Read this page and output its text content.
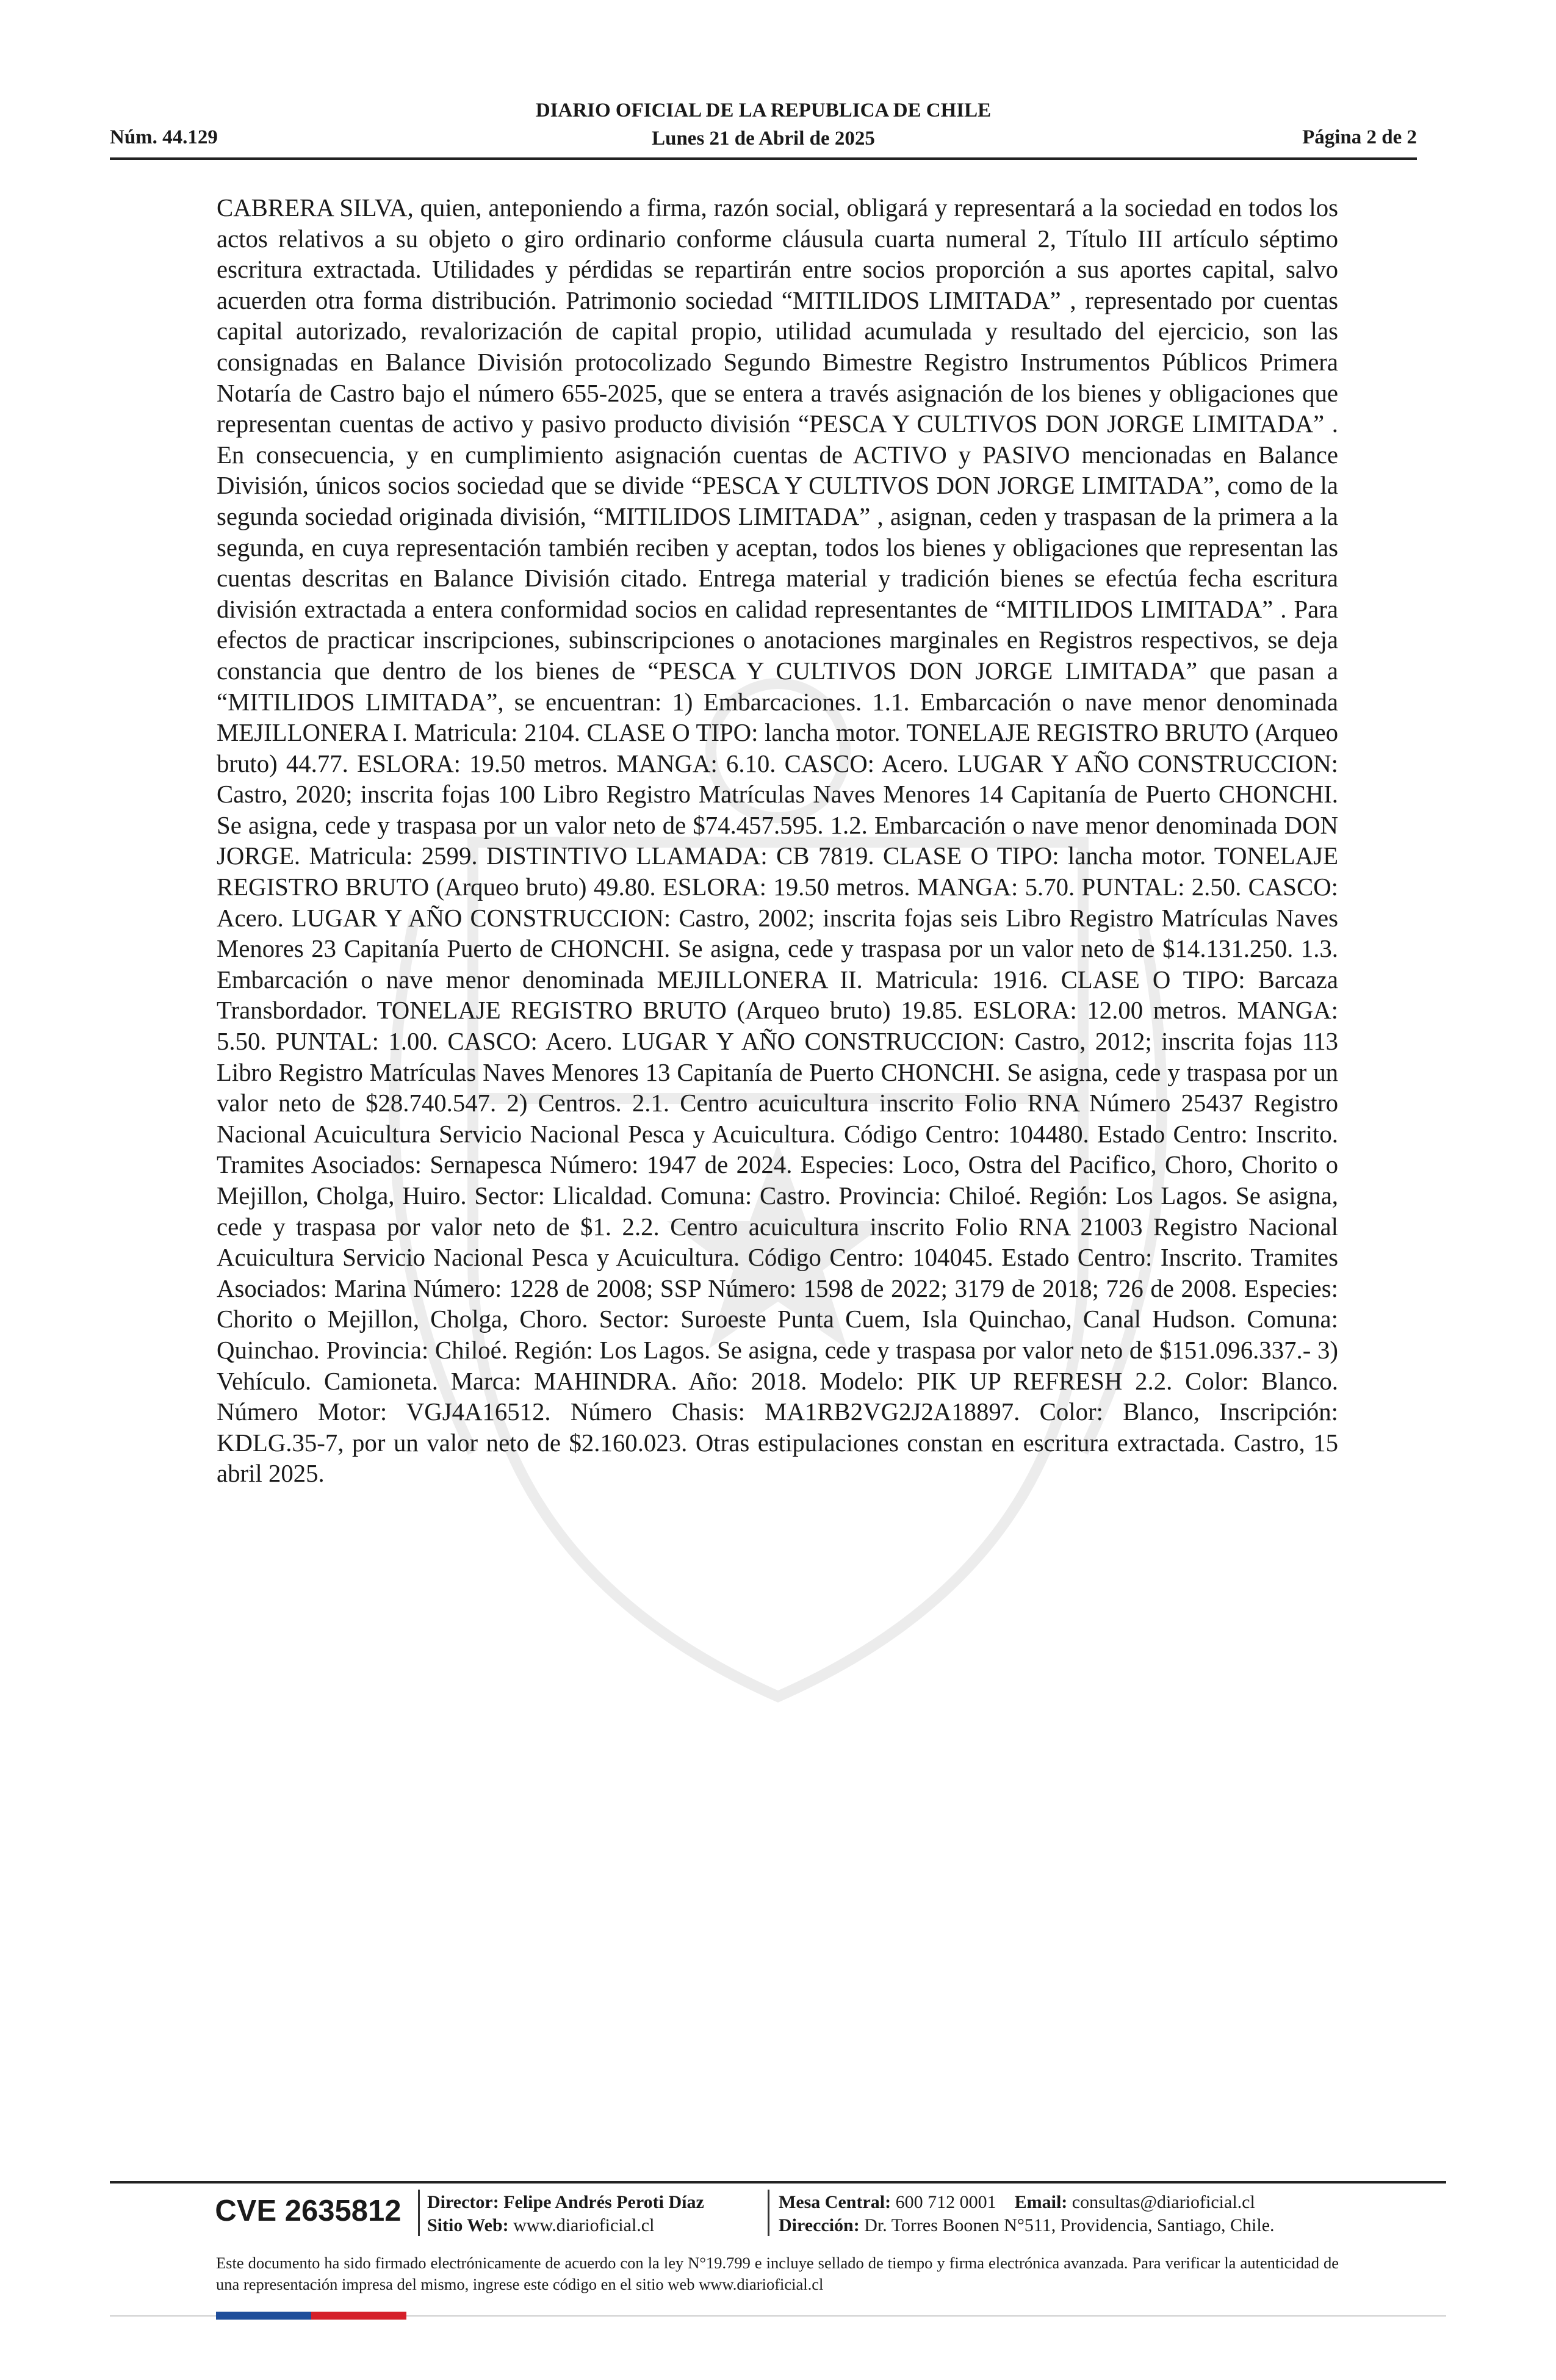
Núm. 44.129
DIARIO OFICIAL DE LA REPUBLICA DE CHILE
Lunes 21 de Abril de 2025	Página 2 de 2

CABRERA SILVA, quien, anteponiendo a firma, razón social, obligará y representará a la sociedad en todos los actos relativos a su objeto o giro ordinario conforme cláusula cuarta numeral 2, Título III artículo séptimo escritura extractada. Utilidades y pérdidas se repartirán entre socios proporción a sus aportes capital, salvo acuerden otra forma distribución. Patrimonio sociedad “MITILIDOS LIMITADA” , representado por cuentas capital autorizado, revalorización de capital propio, utilidad acumulada y resultado del ejercicio, son las consignadas en Balance División protocolizado Segundo Bimestre Registro Instrumentos Públicos Primera Notaría de Castro bajo el número 655-2025, que se entera a través asignación de los bienes y obligaciones que representan cuentas de activo y pasivo producto división “PESCA Y CULTIVOS DON JORGE LIMITADA” . En consecuencia, y en cumplimiento asignación cuentas de ACTIVO y PASIVO mencionadas en Balance División, únicos socios sociedad que se divide “PESCA Y CULTIVOS DON JORGE LIMITADA”, como de la segunda sociedad originada división, “MITILIDOS LIMITADA” , asignan, ceden y traspasan de la primera a la segunda, en cuya representación también reciben y aceptan, todos los bienes y obligaciones que representan las cuentas descritas en Balance División citado. Entrega material y tradición bienes se efectúa fecha escritura división extractada a entera conformidad socios en calidad representantes de “MITILIDOS LIMITADA” . Para efectos de practicar inscripciones, subinscripciones o anotaciones marginales en Registros respectivos, se deja constancia que dentro de los bienes de “PESCA Y CULTIVOS DON JORGE LIMITADA” que pasan a “MITILIDOS LIMITADA”, se encuentran: 1) Embarcaciones. 1.1. Embarcación o nave menor denominada MEJILLONERA I. Matricula: 2104. CLASE O TIPO: lancha motor. TONELAJE REGISTRO BRUTO (Arqueo bruto) 44.77. ESLORA: 19.50 metros. MANGA: 6.10. CASCO: Acero. LUGAR Y AÑO CONSTRUCCION: Castro, 2020; inscrita fojas 100 Libro Registro Matrículas Naves Menores 14 Capitanía de Puerto CHONCHI. Se asigna, cede y traspasa por un valor neto de $74.457.595. 1.2. Embarcación o nave menor denominada DON JORGE. Matricula: 2599. DISTINTIVO LLAMADA: CB 7819. CLASE O TIPO: lancha motor. TONELAJE REGISTRO BRUTO (Arqueo bruto) 49.80. ESLORA: 19.50 metros. MANGA: 5.70. PUNTAL: 2.50. CASCO: Acero. LUGAR Y AÑO CONSTRUCCION: Castro, 2002; inscrita fojas seis Libro Registro Matrículas Naves Menores 23 Capitanía Puerto de CHONCHI. Se asigna, cede y traspasa por un valor neto de $14.131.250. 1.3. Embarcación o nave menor denominada MEJILLONERA II. Matricula: 1916. CLASE O TIPO: Barcaza Transbordador. TONELAJE REGISTRO BRUTO (Arqueo bruto) 19.85. ESLORA: 12.00 metros. MANGA: 5.50. PUNTAL: 1.00. CASCO: Acero. LUGAR Y AÑO CONSTRUCCION: Castro, 2012; inscrita fojas 113 Libro Registro Matrículas Naves Menores 13 Capitanía de Puerto CHONCHI. Se asigna, cede y traspasa por un valor neto de $28.740.547. 2) Centros. 2.1. Centro acuicultura inscrito Folio RNA Número 25437 Registro Nacional Acuicultura Servicio Nacional Pesca y Acuicultura. Código Centro: 104480. Estado Centro: Inscrito. Tramites Asociados: Sernapesca Número: 1947 de 2024. Especies: Loco, Ostra del Pacifico, Choro, Chorito o Mejillon, Cholga, Huiro. Sector: Llicaldad. Comuna: Castro. Provincia: Chiloé. Región: Los Lagos. Se asigna, cede y traspasa por valor neto de $1. 2.2. Centro acuicultura inscrito Folio RNA 21003 Registro Nacional Acuicultura Servicio Nacional Pesca y Acuicultura. Código Centro: 104045. Estado Centro: Inscrito. Tramites Asociados: Marina Número: 1228 de 2008; SSP Número: 1598 de 2022; 3179 de 2018; 726 de 2008. Especies: Chorito o Mejillon, Cholga, Choro. Sector: Suroeste Punta Cuem, Isla Quinchao, Canal Hudson. Comuna: Quinchao. Provincia: Chiloé. Región: Los Lagos. Se asigna, cede y traspasa por valor neto de $151.096.337.- 3) Vehículo. Camioneta. Marca: MAHINDRA. Año: 2018. Modelo: PIK UP REFRESH 2.2. Color: Blanco. Número Motor: VGJ4A16512. Número Chasis: MA1RB2VG2J2A18897. Color: Blanco, Inscripción: KDLG.35-7, por un valor neto de $2.160.023. Otras estipulaciones constan en escritura extractada. Castro, 15 abril 2025.

CVE 2635812	Director: Felipe Andrés Peroti Díaz
Sitio Web: www.diarioficial.cl
Mesa Central: 600 712 0001 Email: consultas@diarioficial.cl
Dirección: Dr. Torres Boonen N°511, Providencia, Santiago, Chile.

Este documento ha sido firmado electrónicamente de acuerdo con la ley N°19.799 e incluye sellado de tiempo y firma electrónica avanzada. Para verificar la autenticidad de una representación impresa del mismo, ingrese este código en el sitio web www.diarioficial.cl
